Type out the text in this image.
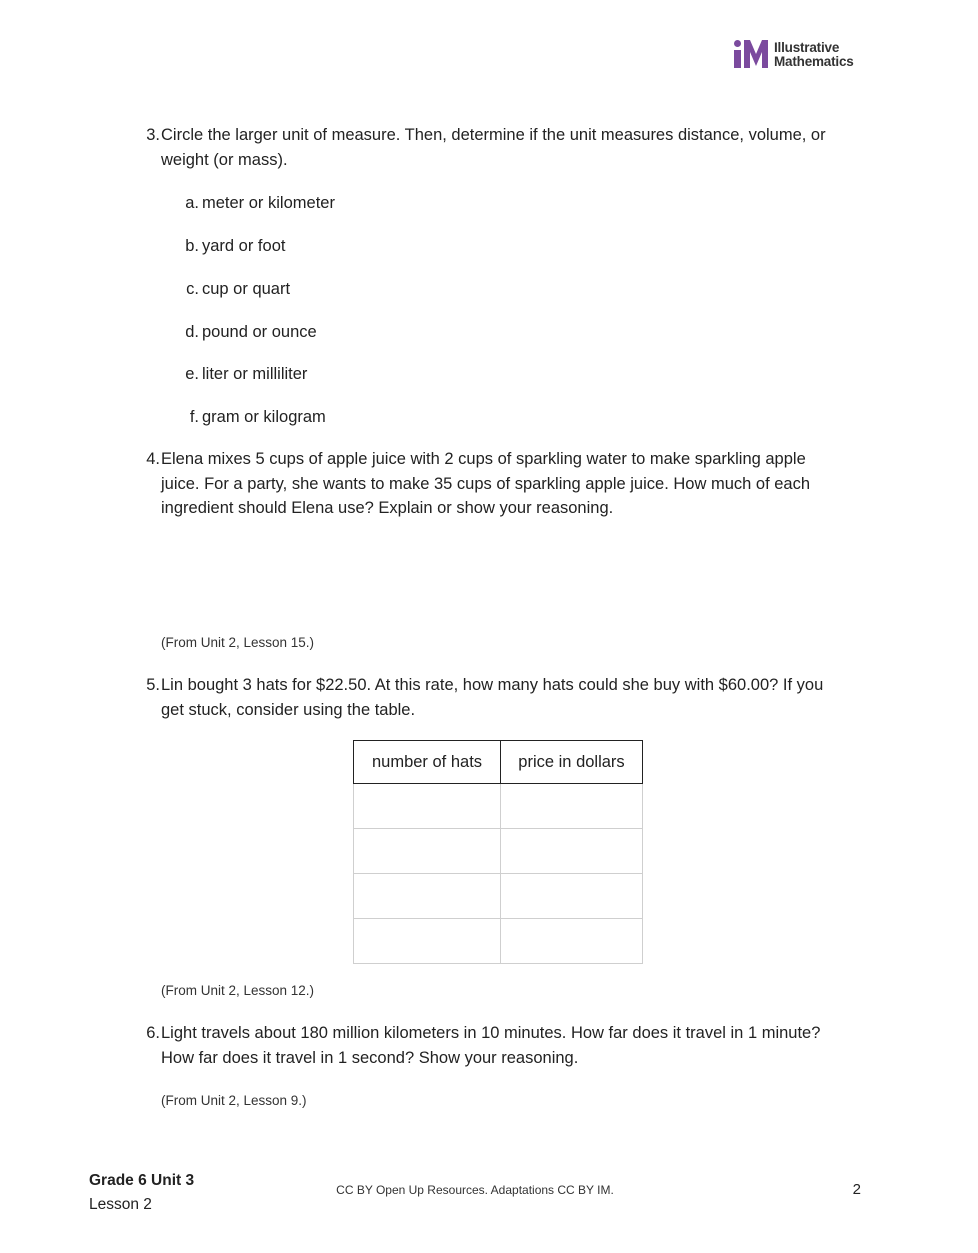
Illustrative
Mathematics
3. Circle the larger unit of measure. Then, determine if the unit measures distance, volume, or weight (or mass).
a. meter or kilometer
b. yard or foot
c. cup or quart
d. pound or ounce
e. liter or milliliter
f. gram or kilogram
4. Elena mixes 5 cups of apple juice with 2 cups of sparkling water to make sparkling apple juice. For a party, she wants to make 35 cups of sparkling apple juice. How much of each ingredient should Elena use? Explain or show your reasoning.
(From Unit 2, Lesson 15.)
5. Lin bought 3 hats for $22.50. At this rate, how many hats could she buy with $60.00? If you get stuck, consider using the table.
number of hats	price in dollars

(From Unit 2, Lesson 12.)
6. Light travels about 180 million kilometers in 10 minutes. How far does it travel in 1 minute? How far does it travel in 1 second? Show your reasoning.
(From Unit 2, Lesson 9.)
Grade 6 Unit 3
Lesson 2
CC BY Open Up Resources. Adaptations CC BY IM.	2
